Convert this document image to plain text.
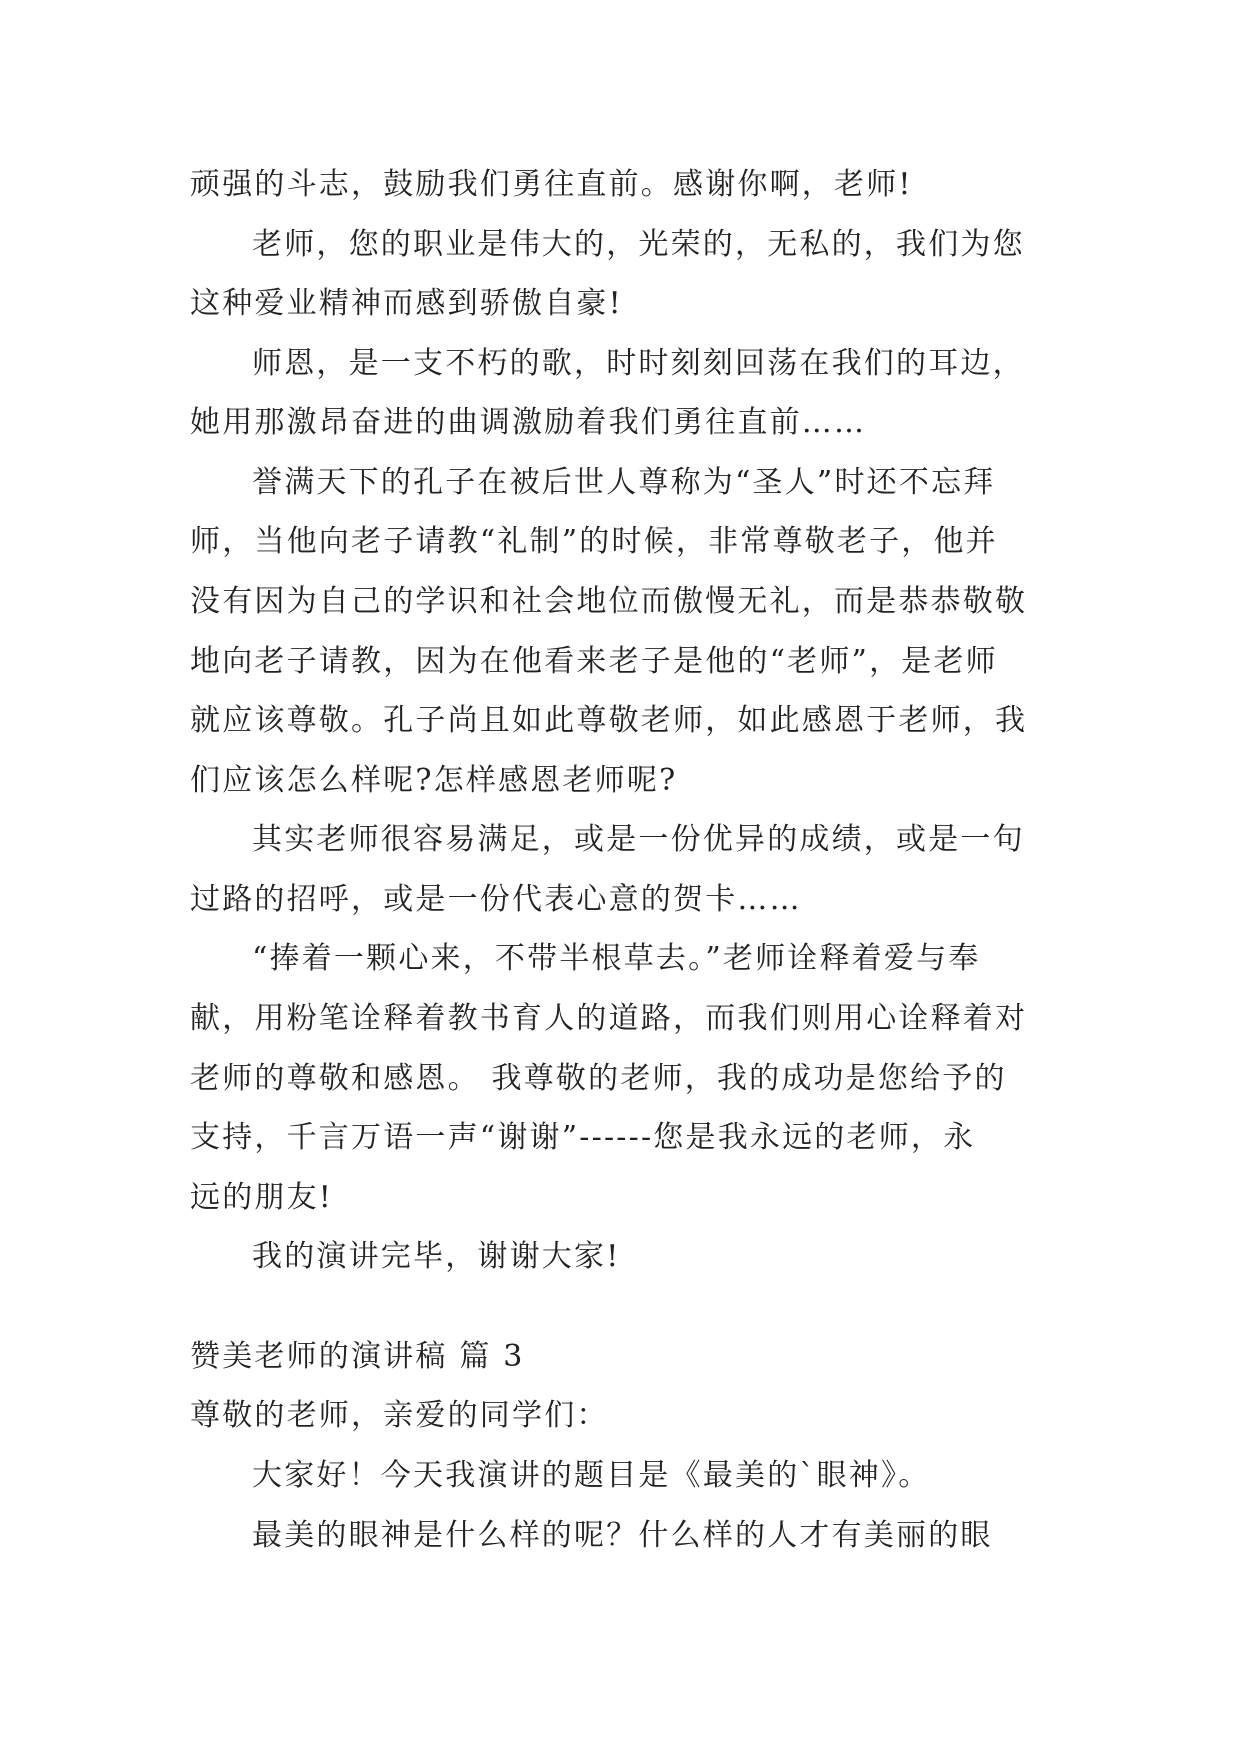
顽强的斗志，鼓励我们勇往直前。感谢你啊，老师!
老师，您的职业是伟大的，光荣的，无私的，我们为您
这种爱业精神而感到骄傲自豪!
师恩，是一支不朽的歌，时时刻刻回荡在我们的耳边，
她用那激昂奋进的曲调激励着我们勇往直前……
誉满天下的孔子在被后世人尊称为“圣人”时还不忘拜
师，当他向老子请教“礼制”的时候，非常尊敬老子，他并
没有因为自己的学识和社会地位而傲慢无礼，而是恭恭敬敬
地向老子请教，因为在他看来老子是他的“老师”，是老师
就应该尊敬。孔子尚且如此尊敬老师，如此感恩于老师，我
们应该怎么样呢?怎样感恩老师呢?
其实老师很容易满足，或是一份优异的成绩，或是一句
过路的招呼，或是一份代表心意的贺卡……
“捧着一颗心来，不带半根草去。”老师诠释着爱与奉
献，用粉笔诠释着教书育人的道路，而我们则用心诠释着对
老师的尊敬和感恩。 我尊敬的老师，我的成功是您给予的
支持，千言万语一声“谢谢”------您是我永远的老师，永
远的朋友!
我的演讲完毕，谢谢大家!
赞美老师的演讲稿 篇 3
尊敬的老师，亲爱的同学们：
大家好！今天我演讲的题目是《最美的`眼神》。
最美的眼神是什么样的呢？什么样的人才有美丽的眼
